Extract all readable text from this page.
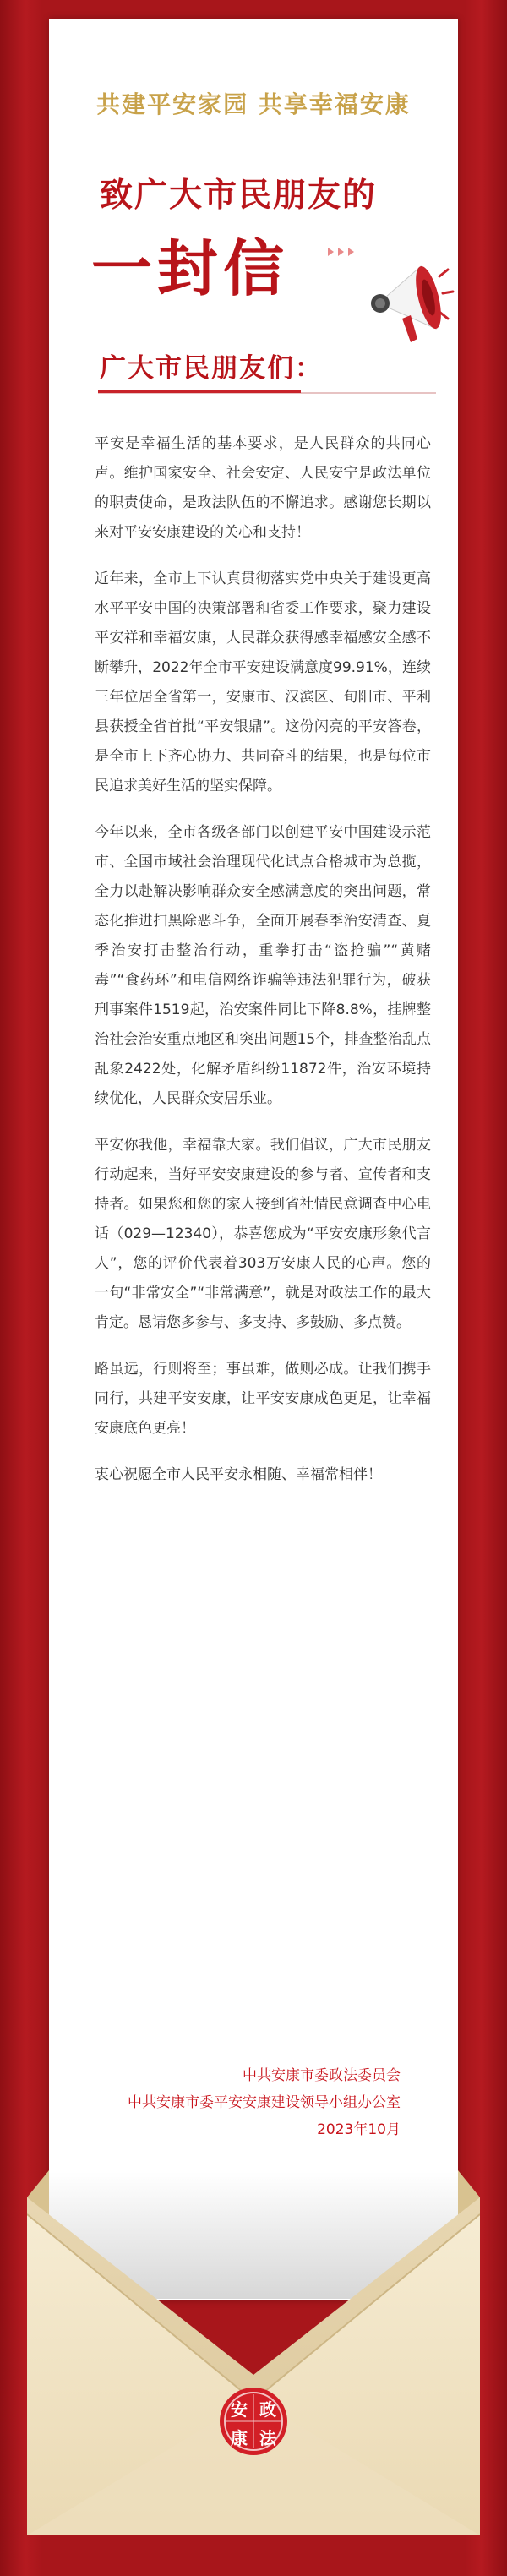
共建平安家园 共享幸福安康
致广大市民朋友的
一封信
广大市民朋友们：

平安是幸福生活的基本要求，是人民群众的共同心声。维护国家安全、社会安定、人民安宁是政法单位的职责使命，是政法队伍的不懈追求。感谢您长期以来对平安安康建设的关心和支持！

近年来，全市上下认真贯彻落实党中央关于建设更高水平平安中国的决策部署和省委工作要求，聚力建设平安祥和幸福安康，人民群众获得感幸福感安全感不断攀升，2022年全市平安建设满意度99.91%，连续三年位居全省第一，安康市、汉滨区、旬阳市、平利县获授全省首批“平安银鼎”。这份闪亮的平安答卷，是全市上下齐心协力、共同奋斗的结果，也是每位市民追求美好生活的坚实保障。

今年以来，全市各级各部门以创建平安中国建设示范市、全国市域社会治理现代化试点合格城市为总揽，全力以赴解决影响群众安全感满意度的突出问题，常态化推进扫黑除恶斗争，全面开展春季治安清查、夏季治安打击整治行动，重拳打击“盗抢骗”“黄赌毒”“食药环”和电信网络诈骗等违法犯罪行为，破获刑事案件1519起，治安案件同比下降8.8%，挂牌整治社会治安重点地区和突出问题15个，排查整治乱点乱象2422处，化解矛盾纠纷11872件，治安环境持续优化，人民群众安居乐业。

平安你我他，幸福靠大家。我们倡议，广大市民朋友行动起来，当好平安安康建设的参与者、宣传者和支持者。如果您和您的家人接到省社情民意调查中心电话（029—12340），恭喜您成为“平安安康形象代言人”，您的评价代表着303万安康人民的心声。您的一句“非常安全”“非常满意”，就是对政法工作的最大肯定。恳请您多参与、多支持、多鼓励、多点赞。

路虽远，行则将至；事虽难，做则必成。让我们携手同行，共建平安安康，让平安安康成色更足，让幸福安康底色更亮！

衷心祝愿全市人民平安永相随、幸福常相伴！

中共安康市委政法委员会
中共安康市委平安安康建设领导小组办公室
2023年10月
安 政
康 法
